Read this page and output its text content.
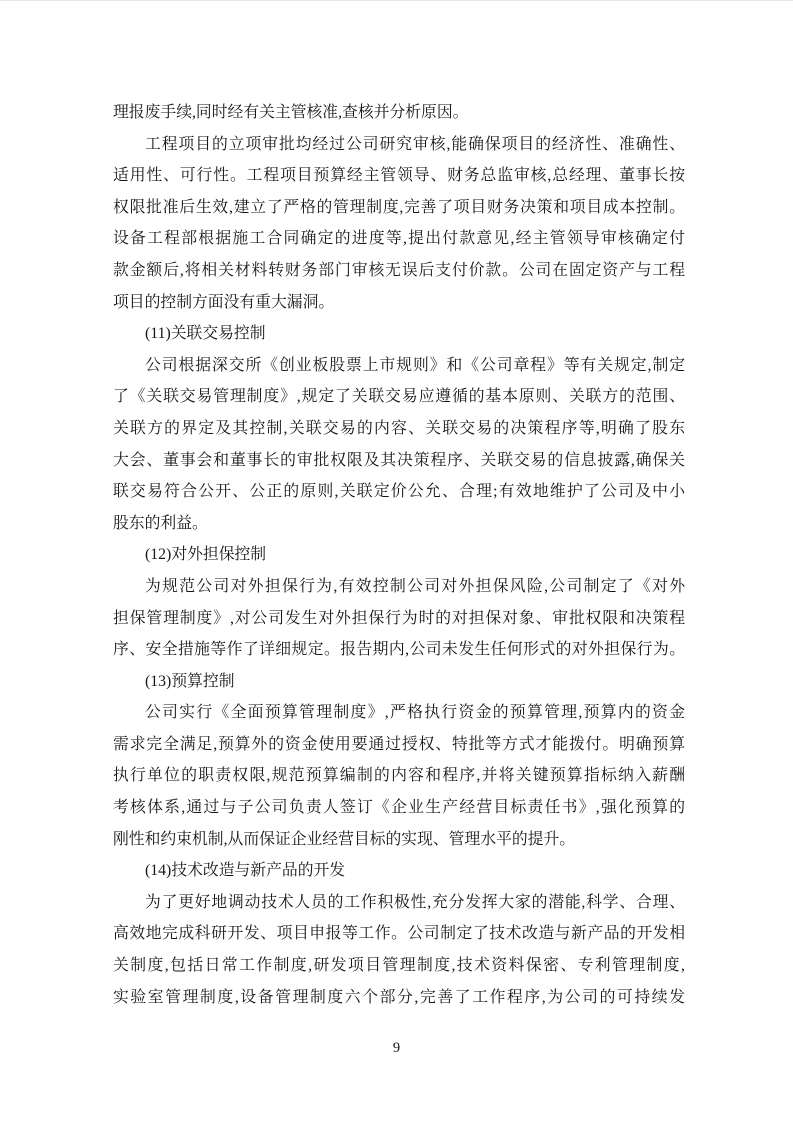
理报废手续,同时经有关主管核准,查核并分析原因。
工程项目的立项审批均经过公司研究审核,能确保项目的经济性、准确性、
适用性、可行性。工程项目预算经主管领导、财务总监审核,总经理、董事长按
权限批准后生效,建立了严格的管理制度,完善了项目财务决策和项目成本控制。
设备工程部根据施工合同确定的进度等,提出付款意见,经主管领导审核确定付
款金额后,将相关材料转财务部门审核无误后支付价款。公司在固定资产与工程
项目的控制方面没有重大漏洞。
(11)关联交易控制
公司根据深交所《创业板股票上市规则》和《公司章程》等有关规定,制定
了《关联交易管理制度》,规定了关联交易应遵循的基本原则、关联方的范围、
关联方的界定及其控制,关联交易的内容、关联交易的决策程序等,明确了股东
大会、董事会和董事长的审批权限及其决策程序、关联交易的信息披露,确保关
联交易符合公开、公正的原则,关联定价公允、合理;有效地维护了公司及中小
股东的利益。
(12)对外担保控制
为规范公司对外担保行为,有效控制公司对外担保风险,公司制定了《对外
担保管理制度》,对公司发生对外担保行为时的对担保对象、审批权限和决策程
序、安全措施等作了详细规定。报告期内,公司未发生任何形式的对外担保行为。
(13)预算控制
公司实行《全面预算管理制度》,严格执行资金的预算管理,预算内的资金
需求完全满足,预算外的资金使用要通过授权、特批等方式才能拨付。明确预算
执行单位的职责权限,规范预算编制的内容和程序,并将关键预算指标纳入薪酬
考核体系,通过与子公司负责人签订《企业生产经营目标责任书》,强化预算的
刚性和约束机制,从而保证企业经营目标的实现、管理水平的提升。
(14)技术改造与新产品的开发
为了更好地调动技术人员的工作积极性,充分发挥大家的潜能,科学、合理、
高效地完成科研开发、项目申报等工作。公司制定了技术改造与新产品的开发相
关制度,包括日常工作制度,研发项目管理制度,技术资料保密、专利管理制度,
实验室管理制度,设备管理制度六个部分,完善了工作程序,为公司的可持续发
9
